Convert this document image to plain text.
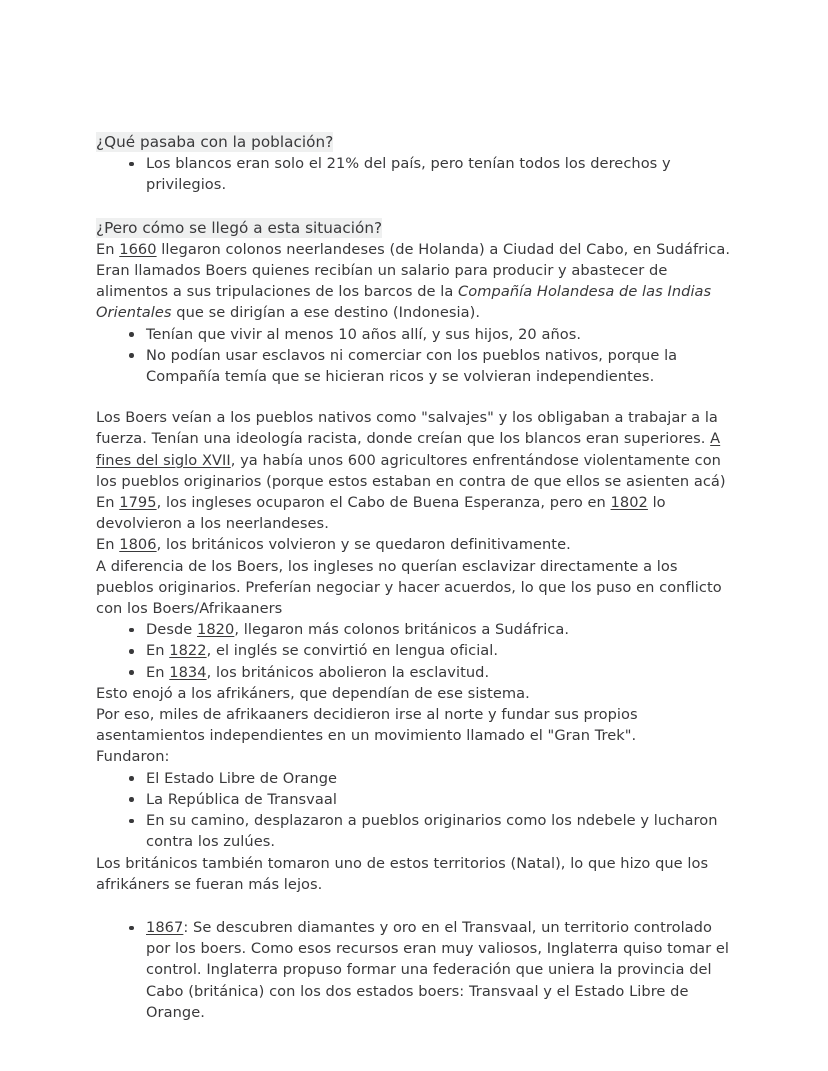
¿Qué pasaba con la población?
Los blancos eran solo el 21% del país, pero tenían todos los derechos y privilegios.
¿Pero cómo se llegó a esta situación?

En 1660 llegaron colonos neerlandeses (de Holanda) a Ciudad del Cabo, en Sudáfrica. Eran llamados Boers quienes recibían un salario para producir y abastecer de alimentos a sus tripulaciones de los barcos de la Compañía Holandesa de las Indias Orientales que se dirigían a ese destino (Indonesia).

Tenían que vivir al menos 10 años allí, y sus hijos, 20 años.
No podían usar esclavos ni comerciar con los pueblos nativos, porque la Compañía temía que se hicieran ricos y se volvieran independientes.

Los Boers veían a los pueblos nativos como "salvajes" y los obligaban a trabajar a la fuerza. Tenían una ideología racista, donde creían que los blancos eran superiores. A fines del siglo XVII, ya había unos 600 agricultores enfrentándose violentamente con los pueblos originarios (porque estos estaban en contra de que ellos se asienten acá)

En 1795, los ingleses ocuparon el Cabo de Buena Esperanza, pero en 1802 lo devolvieron a los neerlandeses.

En 1806, los británicos volvieron y se quedaron definitivamente.

A diferencia de los Boers, los ingleses no querían esclavizar directamente a los pueblos originarios. Preferían negociar y hacer acuerdos, lo que los puso en conflicto con los Boers/Afrikaaners

Desde 1820, llegaron más colonos británicos a Sudáfrica.
En 1822, el inglés se convirtió en lengua oficial.
En 1834, los británicos abolieron la esclavitud.

Esto enojó a los afrikáners, que dependían de ese sistema.

Por eso, miles de afrikaaners decidieron irse al norte y fundar sus propios asentamientos independientes en un movimiento llamado el "Gran Trek".

Fundaron:

El Estado Libre de Orange
La República de Transvaal
En su camino, desplazaron a pueblos originarios como los ndebele y lucharon contra los zulúes.

Los británicos también tomaron uno de estos territorios (Natal), lo que hizo que los afrikáners se fueran más lejos.

1867: Se descubren diamantes y oro en el Transvaal, un territorio controlado por los boers. Como esos recursos eran muy valiosos, Inglaterra quiso tomar el control. Inglaterra propuso formar una federación que uniera la provincia del Cabo (británica) con los dos estados boers: Transvaal y el Estado Libre de Orange.
